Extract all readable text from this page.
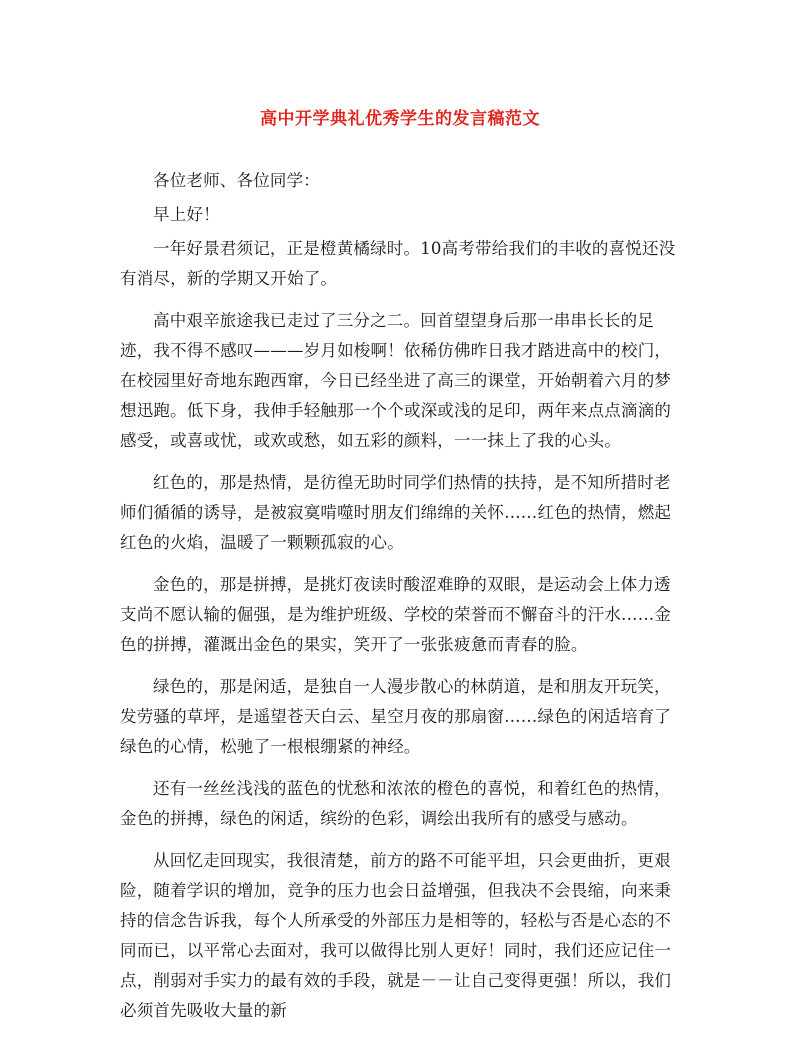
高中开学典礼优秀学生的发言稿范文

各位老师、各位同学：

早上好！

一年好景君须记，正是橙黄橘绿时。10高考带给我们的丰收的喜悦还没有消尽，新的学期又开始了。

高中艰辛旅途我已走过了三分之二。回首望望身后那一串串长长的足迹，我不得不感叹———岁月如梭啊！依稀仿佛昨日我才踏进高中的校门，在校园里好奇地东跑西窜，今日已经坐进了高三的课堂，开始朝着六月的梦想迅跑。低下身，我伸手轻触那一个个或深或浅的足印，两年来点点滴滴的感受，或喜或忧，或欢或愁，如五彩的颜料，一一抹上了我的心头。

红色的，那是热情，是彷徨无助时同学们热情的扶持，是不知所措时老师们循循的诱导，是被寂寞啃噬时朋友们绵绵的关怀……红色的热情，燃起红色的火焰，温暖了一颗颗孤寂的心。

金色的，那是拼搏，是挑灯夜读时酸涩难睁的双眼，是运动会上体力透支尚不愿认输的倔强，是为维护班级、学校的荣誉而不懈奋斗的汗水……金色的拼搏，灌溉出金色的果实，笑开了一张张疲惫而青春的脸。

绿色的，那是闲适，是独自一人漫步散心的林荫道，是和朋友开玩笑，发劳骚的草坪，是遥望苍天白云、星空月夜的那扇窗……绿色的闲适培育了绿色的心情，松驰了一根根绷紧的神经。

还有一丝丝浅浅的蓝色的忧愁和浓浓的橙色的喜悦，和着红色的热情，金色的拼搏，绿色的闲适，缤纷的色彩，调绘出我所有的感受与感动。

从回忆走回现实，我很清楚，前方的路不可能平坦，只会更曲折，更艰险，随着学识的增加，竞争的压力也会日益增强，但我决不会畏缩，向来秉持的信念告诉我，每个人所承受的外部压力是相等的，轻松与否是心态的不同而已，以平常心去面对，我可以做得比别人更好！同时，我们还应记住一点，削弱对手实力的最有效的手段，就是－－让自己变得更强！所以，我们必须首先吸收大量的新
